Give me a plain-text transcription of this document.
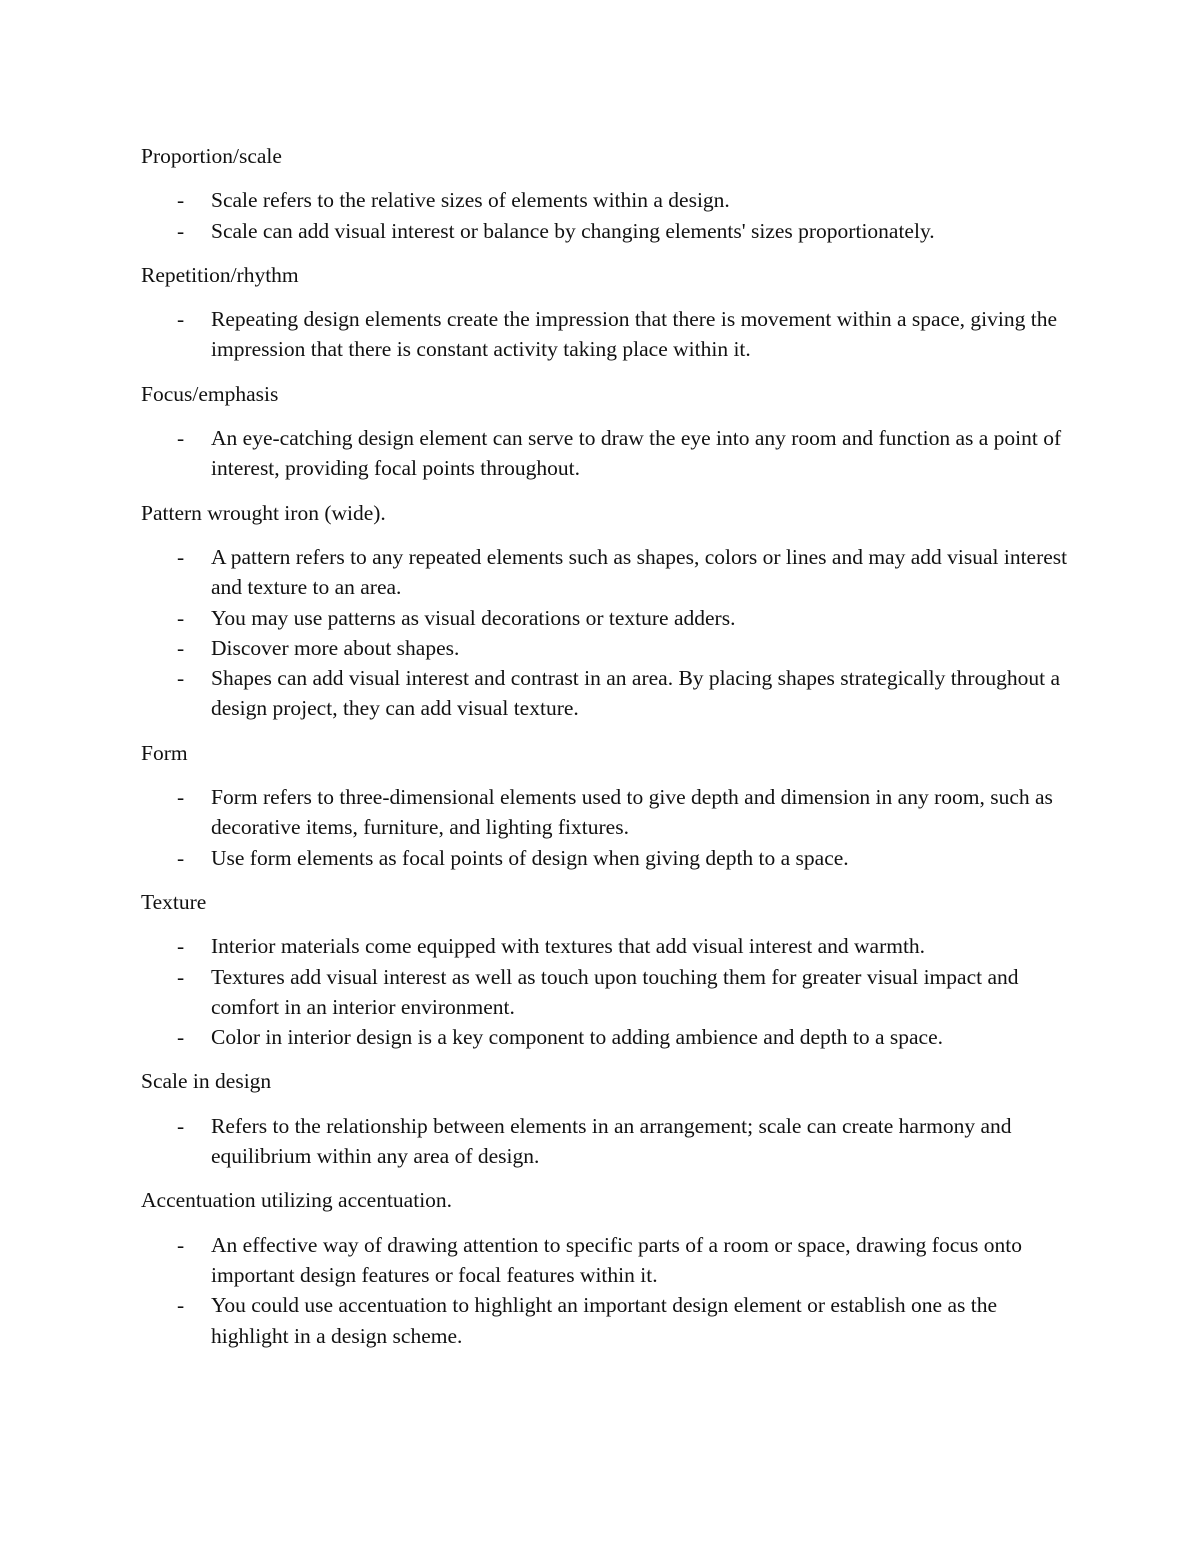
Proportion/scale

- Scale refers to the relative sizes of elements within a design.
- Scale can add visual interest or balance by changing elements' sizes proportionately.

Repetition/rhythm

- Repeating design elements create the impression that there is movement within a space, giving the impression that there is constant activity taking place within it.

Focus/emphasis

- An eye-catching design element can serve to draw the eye into any room and function as a point of interest, providing focal points throughout.

Pattern wrought iron (wide).

- A pattern refers to any repeated elements such as shapes, colors or lines and may add visual interest and texture to an area.
- You may use patterns as visual decorations or texture adders.
- Discover more about shapes.
- Shapes can add visual interest and contrast in an area. By placing shapes strategically throughout a design project, they can add visual texture.

Form

- Form refers to three-dimensional elements used to give depth and dimension in any room, such as decorative items, furniture, and lighting fixtures.
- Use form elements as focal points of design when giving depth to a space.

Texture

- Interior materials come equipped with textures that add visual interest and warmth.
- Textures add visual interest as well as touch upon touching them for greater visual impact and comfort in an interior environment.
- Color in interior design is a key component to adding ambience and depth to a space.

Scale in design

- Refers to the relationship between elements in an arrangement; scale can create harmony and equilibrium within any area of design.

Accentuation utilizing accentuation.

- An effective way of drawing attention to specific parts of a room or space, drawing focus onto important design features or focal features within it.
- You could use accentuation to highlight an important design element or establish one as the highlight in a design scheme.
